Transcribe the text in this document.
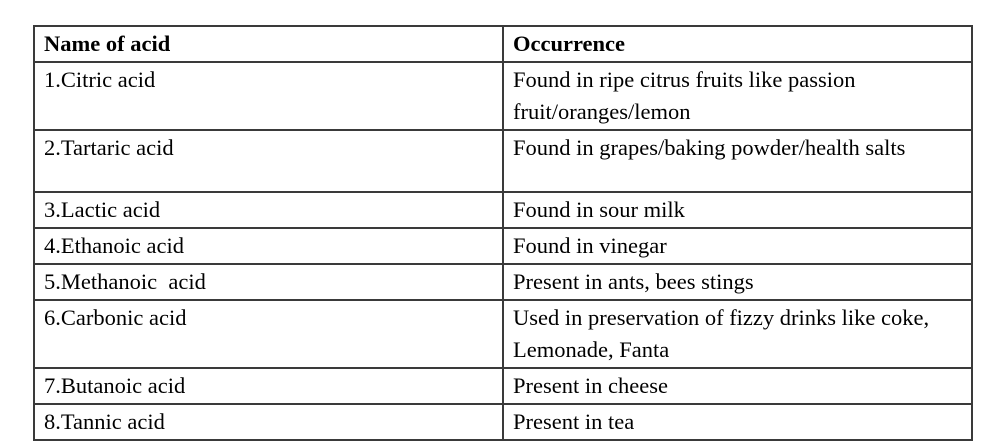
Name of acid	Occurrence
1.Citric acid	Found in ripe citrus fruits like passion fruit/oranges/lemon
2.Tartaric acid	Found in grapes/baking powder/health salts
3.Lactic acid	Found in sour milk
4.Ethanoic acid	Found in vinegar
5.Methanoic  acid	Present in ants, bees stings
6.Carbonic acid	Used in preservation of fizzy drinks like coke, Lemonade, Fanta
7.Butanoic acid	Present in cheese
8.Tannic acid	Present in tea
